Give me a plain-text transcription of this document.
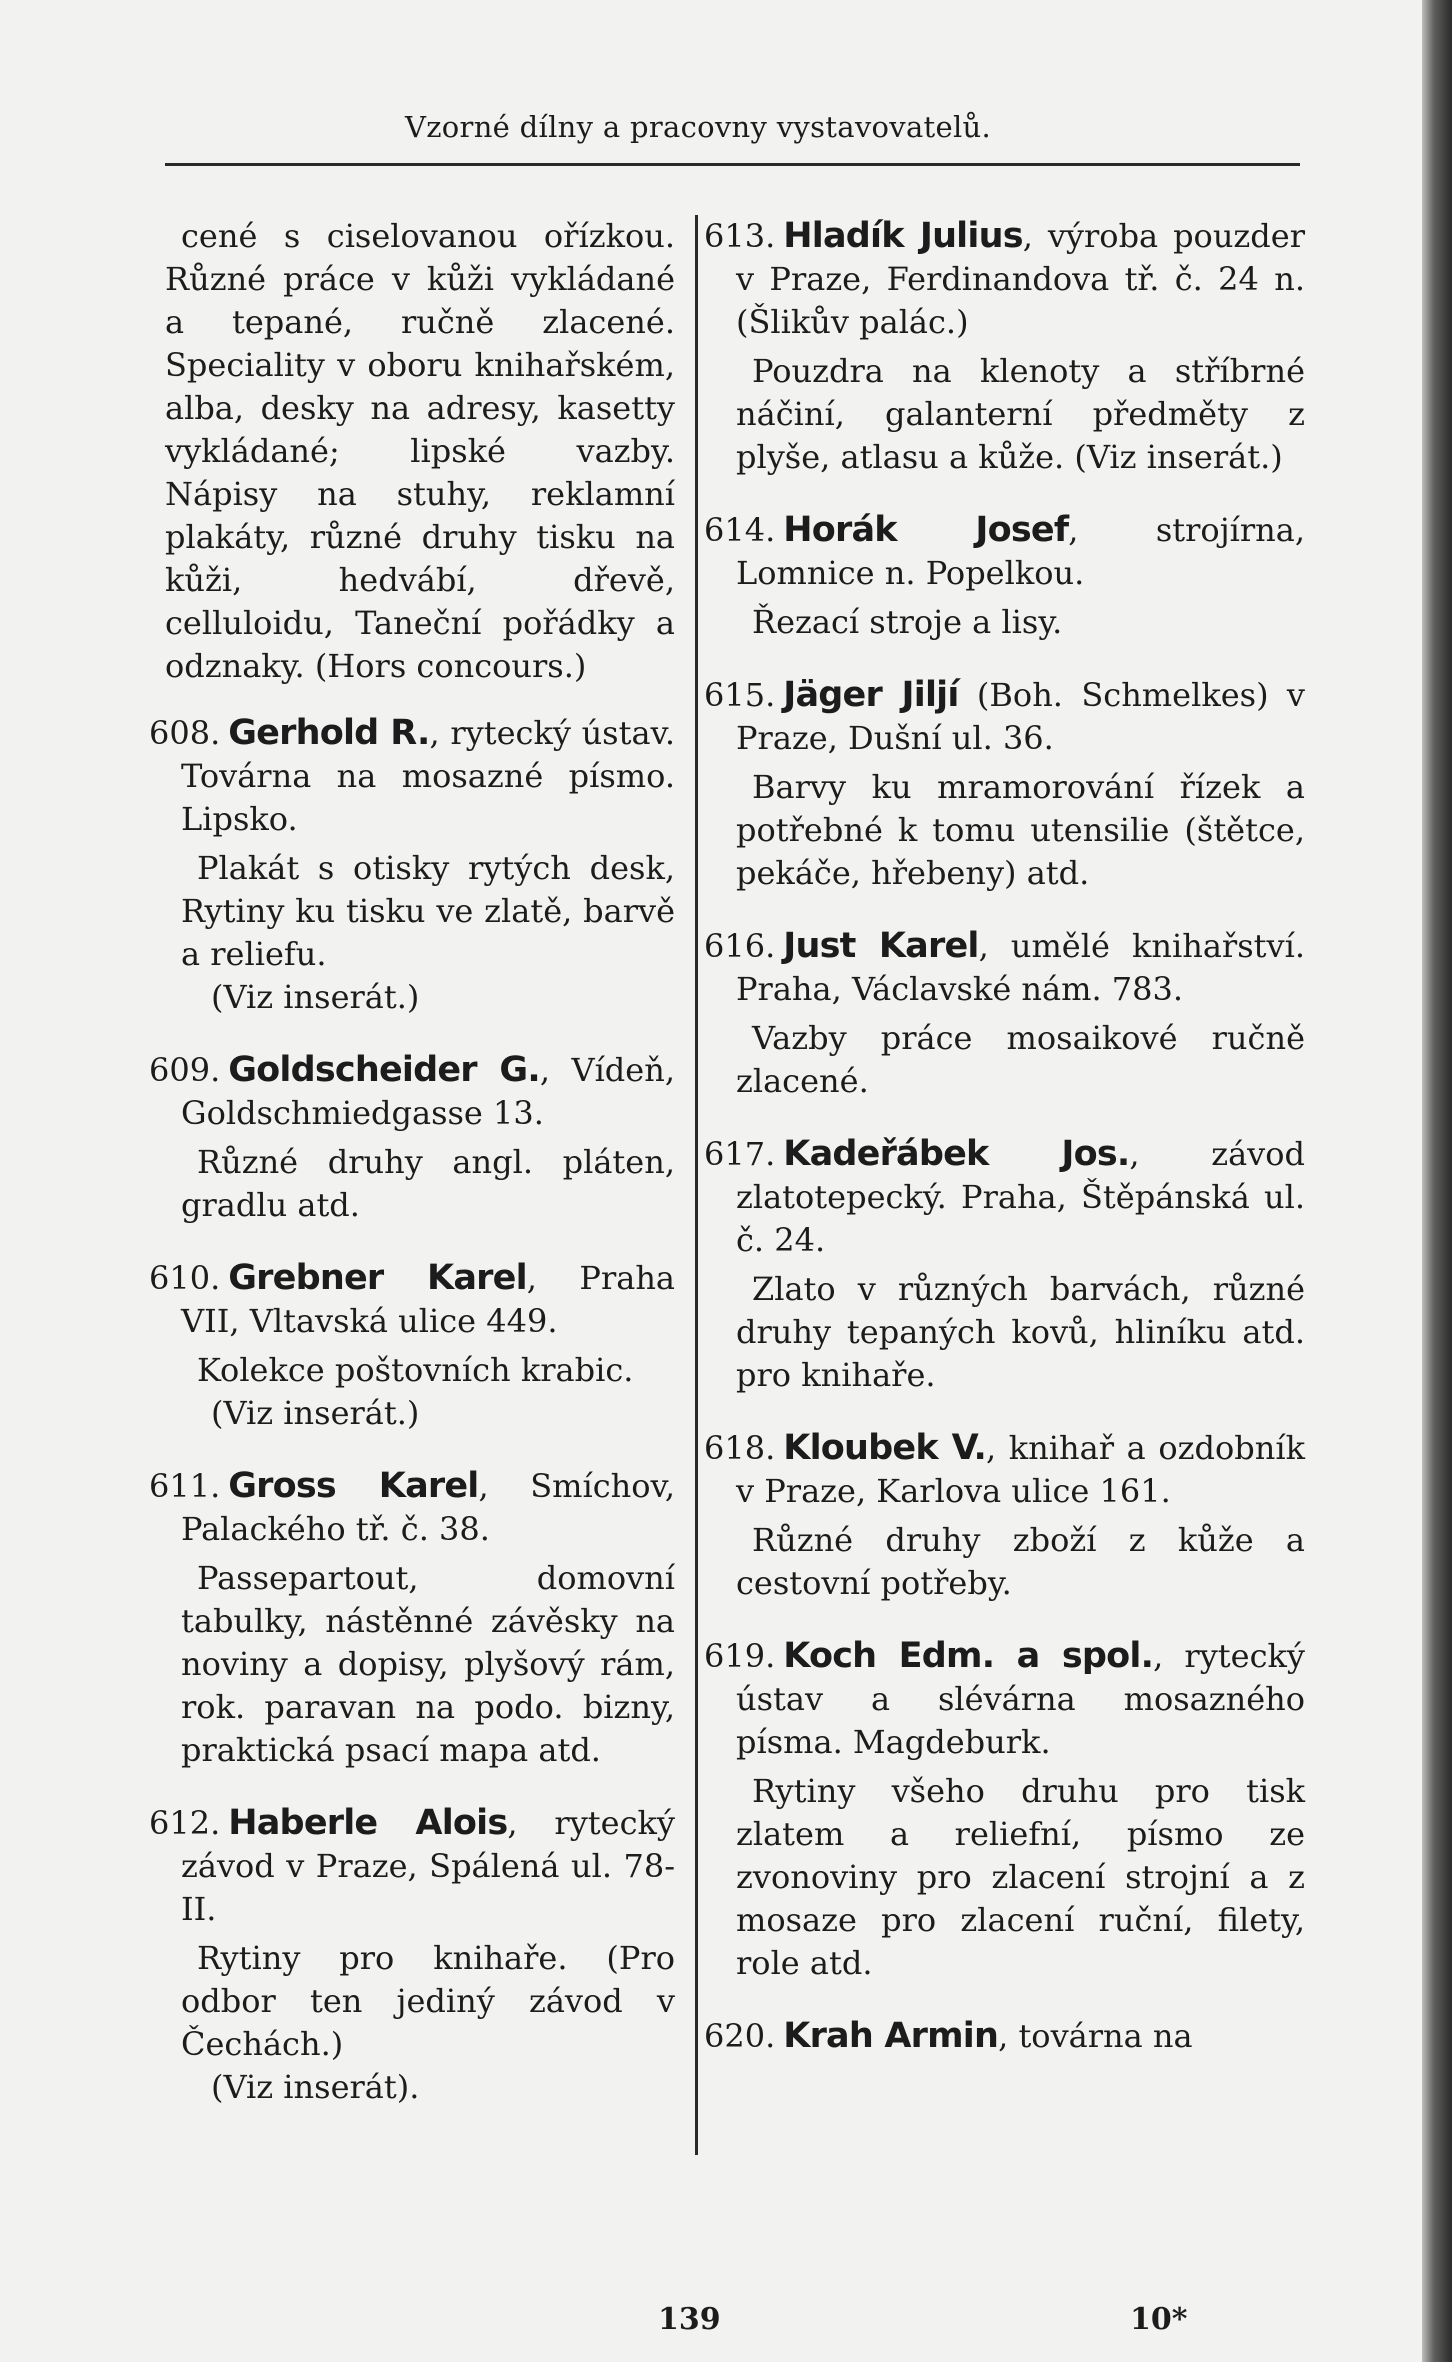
Vzorné dílny a pracovny vystavovatelů.
cené s ciselovanou ořízkou. Různé práce v kůži vykládané a tepané, ručně zlacené. Speciality v oboru knihařském, alba, desky na adresy, kasetty vykládané; lipské vazby. Nápisy na stuhy, reklamní plakáty, různé druhy tisku na kůži, hedvábí, dřevě, celluloidu, Taneční pořádky a odznaky. (Hors concours.)
608. Gerhold R., rytecký ústav. Továrna na mosazné písmo. Lipsko.
Plakát s otisky rytých desk, Rytiny ku tisku ve zlatě, barvě a reliefu.
(Viz inserát.)
609. Goldscheider G., Vídeň, Goldschmiedgasse 13.
Různé druhy angl. pláten, gradlu atd.
610. Grebner Karel, Praha VII, Vltavská ulice 449.
Kolekce poštovních krabic.
(Viz inserát.)
611. Gross Karel, Smíchov, Palackého tř. č. 38.
Passepartout, domovní tabulky, nástěnné závěsky na noviny a dopisy, plyšový rám, rok. paravan na podo. bizny, praktická psací mapa atd.
612. Haberle Alois, rytecký závod v Praze, Spálená ul. 78-II.
Rytiny pro knihaře. (Pro odbor ten jediný závod v Čechách.)
(Viz inserát).
613. Hladík Julius, výroba pouzder v Praze, Ferdinandova tř. č. 24 n. (Šlikův palác.)
Pouzdra na klenoty a stříbrné náčiní, galanterní předměty z plyše, atlasu a kůže. (Viz inserát.)
614. Horák Josef, strojírna, Lomnice n. Popelkou.
Řezací stroje a lisy.
615. Jäger Jiljí (Boh. Schmelkes) v Praze, Dušní ul. 36.
Barvy ku mramorování řízek a potřebné k tomu utensilie (štětce, pekáče, hřebeny) atd.
616. Just Karel, umělé knihařství. Praha, Václavské nám. 783.
Vazby práce mosaikové ručně zlacené.
617. Kadeřábek Jos., závod zlatotepecký. Praha, Štěpánská ul. č. 24.
Zlato v různých barvách, různé druhy tepaných kovů, hliníku atd. pro knihaře.
618. Kloubek V., knihař a ozdobník v Praze, Karlova ulice 161.
Různé druhy zboží z kůže a cestovní potřeby.
619. Koch Edm. a spol., rytecký ústav a slévárna mosazného písma. Magdeburk.
Rytiny všeho druhu pro tisk zlatem a reliefní, písmo ze zvonoviny pro zlacení strojní a z mosaze pro zlacení ruční, filety, role atd.
620. Krah Armin, továrna na
139	10*
